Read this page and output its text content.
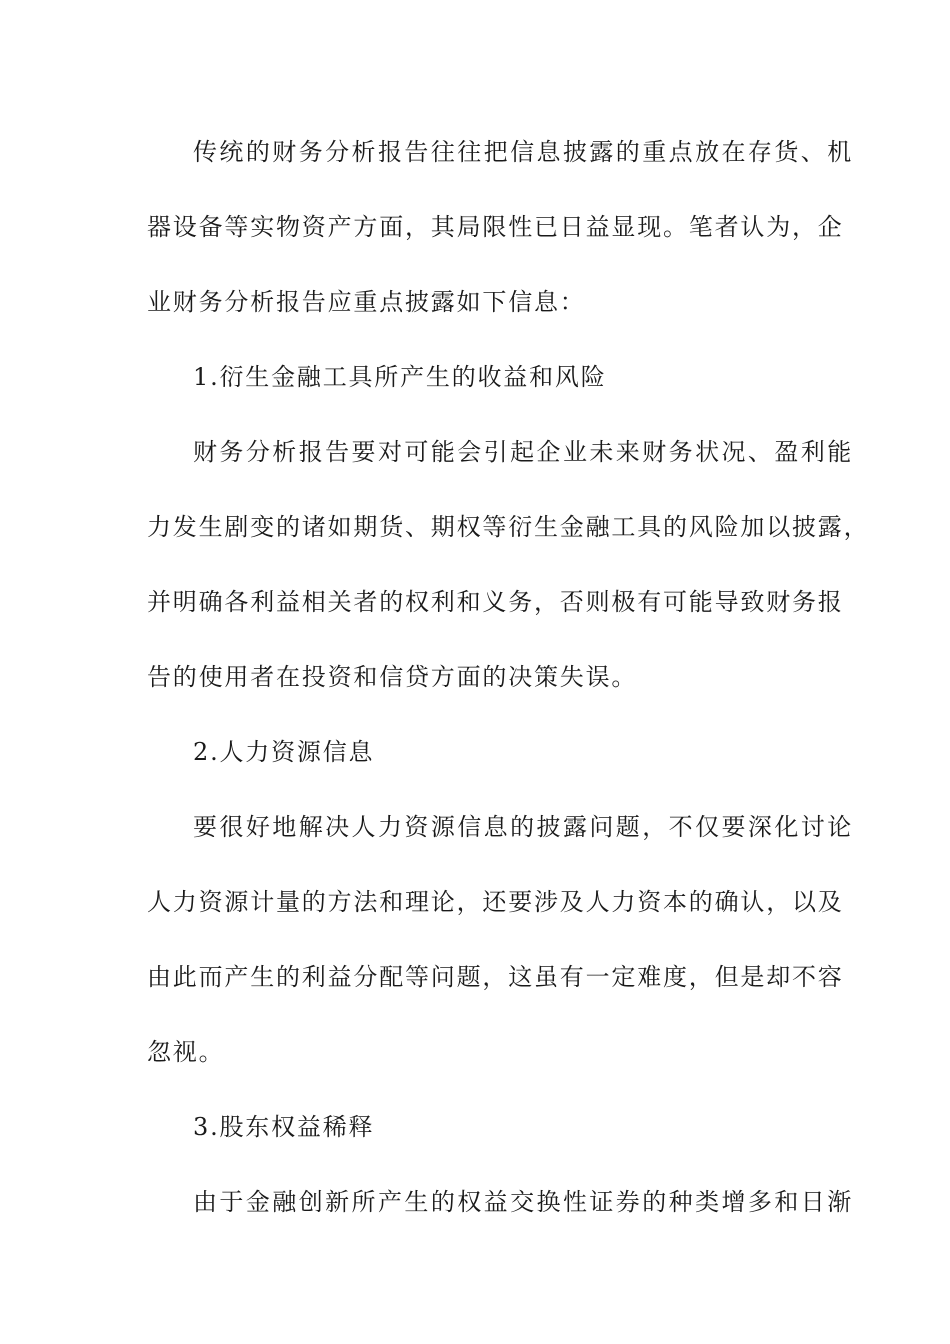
传统的财务分析报告往往把信息披露的重点放在存货、机
器设备等实物资产方面，其局限性已日益显现。笔者认为，企
业财务分析报告应重点披露如下信息：
1.衍生金融工具所产生的收益和风险
财务分析报告要对可能会引起企业未来财务状况、盈利能
力发生剧变的诸如期货、期权等衍生金融工具的风险加以披露，
并明确各利益相关者的权利和义务，否则极有可能导致财务报
告的使用者在投资和信贷方面的决策失误。
2.人力资源信息
要很好地解决人力资源信息的披露问题，不仅要深化讨论
人力资源计量的方法和理论，还要涉及人力资本的确认，以及
由此而产生的利益分配等问题，这虽有一定难度，但是却不容
忽视。
3.股东权益稀释
由于金融创新所产生的权益交换性证券的种类增多和日渐
